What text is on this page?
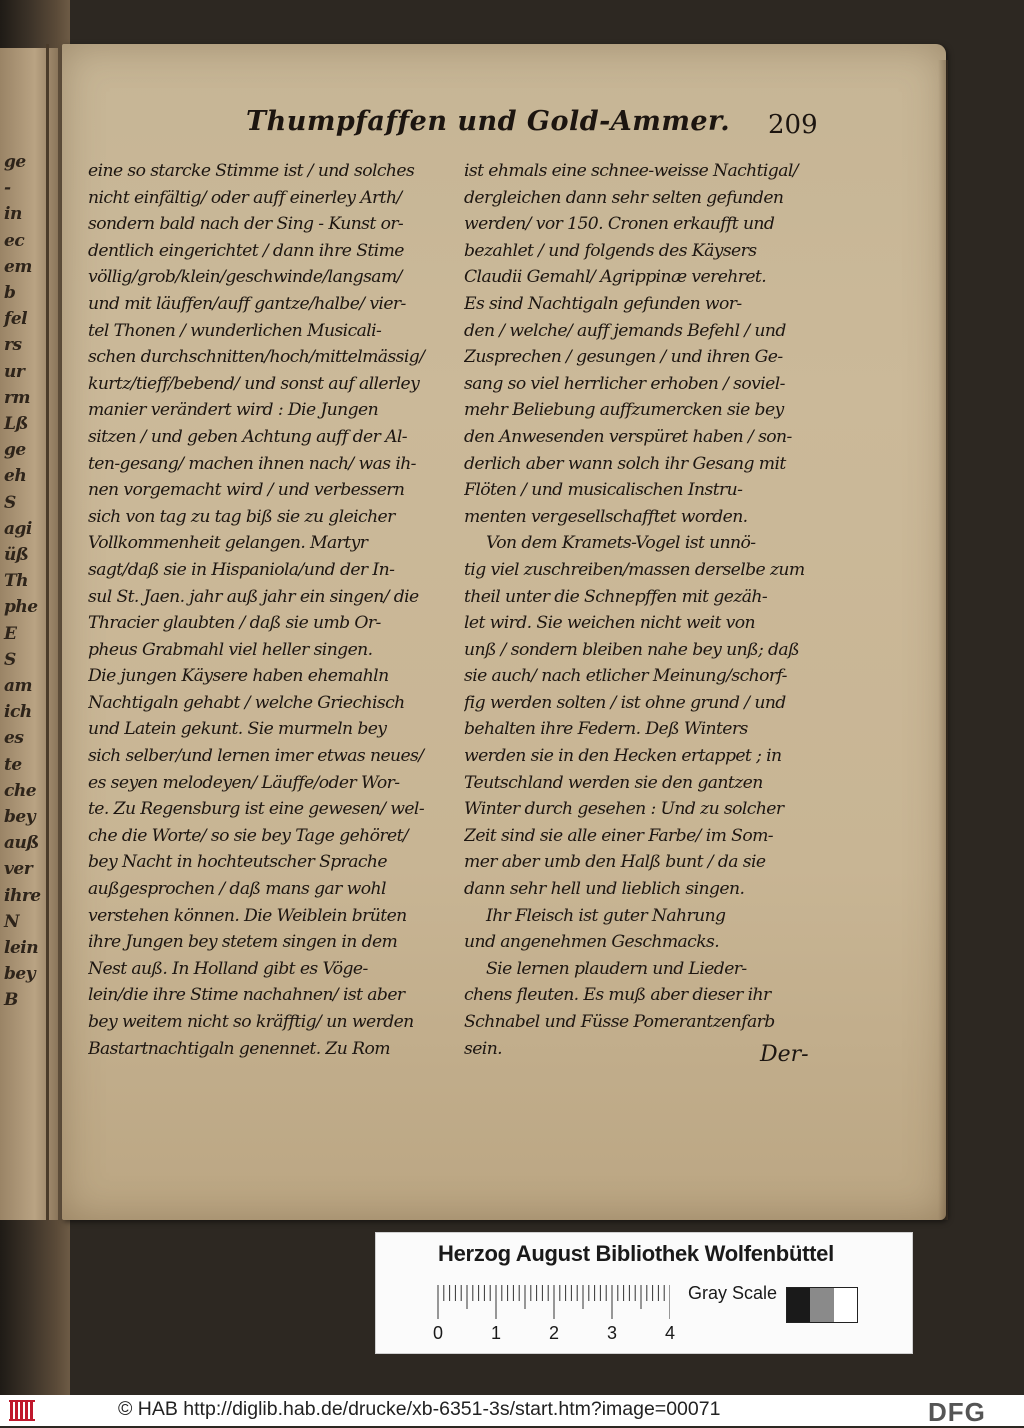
ge
-
in
ec
em
b
fel
rs
ur
rm
Lß
ge
eh
S
agi
üß
Th
phe
E
S
am
ich
es
te
che
bey
auß
ver
ihre
N
lein
bey
B
Thumpfaffen und Gold-Ammer. 209
eine so starcke Stimme ist / und solches
nicht einfältig/ oder auff einerley Arth/
sondern bald nach der Sing - Kunst or-
dentlich eingerichtet / dann ihre Stime
völlig/grob/klein/geschwinde/langsam/
und mit läuffen/auff gantze/halbe/ vier-
tel Thonen / wunderlichen Musicali-
schen durchschnitten/hoch/mittelmässig/
kurtz/tieff/bebend/ und sonst auf allerley
manier verändert wird : Die Jungen
sitzen / und geben Achtung auff der Al-
ten-gesang/ machen ihnen nach/ was ih-
nen vorgemacht wird / und verbessern
sich von tag zu tag biß sie zu gleicher
Vollkommenheit gelangen. Martyr
sagt/daß sie in Hispaniola/und der In-
sul St. Jaen. jahr auß jahr ein singen/ die
Thracier glaubten / daß sie umb Or-
pheus Grabmahl viel heller singen.
Die jungen Käysere haben ehemahln
Nachtigaln gehabt / welche Griechisch
und Latein gekunt. Sie murmeln bey
sich selber/und lernen imer etwas neues/
es seyen melodeyen/ Läuffe/oder Wor-
te. Zu Regensburg ist eine gewesen/ wel-
che die Worte/ so sie bey Tage gehöret/
bey Nacht in hochteutscher Sprache
außgesprochen / daß mans gar wohl
verstehen können. Die Weiblein brüten
ihre Jungen bey stetem singen in dem
Nest auß. In Holland gibt es Vöge-
lein/die ihre Stime nachahnen/ ist aber
bey weitem nicht so kräfftig/ un werden
Bastartnachtigaln genennet. Zu Rom
ist ehmals eine schnee-weisse Nachtigal/
dergleichen dann sehr selten gefunden
werden/ vor 150. Cronen erkaufft und
bezahlet / und folgends des Käysers
Claudii Gemahl/ Agrippinæ verehret.
Es sind Nachtigaln gefunden wor-
den / welche/ auff jemands Befehl / und
Zusprechen / gesungen / und ihren Ge-
sang so viel herrlicher erhoben / soviel-
mehr Beliebung auffzumercken sie bey
den Anwesenden verspüret haben / son-
derlich aber wann solch ihr Gesang mit
Flöten / und musicalischen Instru-
menten vergesellschafftet worden.
Von dem Kramets-Vogel ist unnö-
tig viel zuschreiben/massen derselbe zum
theil unter die Schnepffen mit gezäh-
let wird. Sie weichen nicht weit von
unß / sondern bleiben nahe bey unß; daß
sie auch/ nach etlicher Meinung/schorf-
fig werden solten / ist ohne grund / und
behalten ihre Federn. Deß Winters
werden sie in den Hecken ertappet ; in
Teutschland werden sie den gantzen
Winter durch gesehen : Und zu solcher
Zeit sind sie alle einer Farbe/ im Som-
mer aber umb den Halß bunt / da sie
dann sehr hell und lieblich singen.
Ihr Fleisch ist guter Nahrung
und angenehmen Geschmacks.
Sie lernen plaudern und Lieder-
chens fleuten. Es muß aber dieser ihr
Schnabel und Füsse Pomerantzenfarb
sein.	Der-
Herzog August Bibliothek Wolfenbüttel
0	1	2	3	4
Gray Scale
© HAB http://diglib.hab.de/drucke/xb-6351-3s/start.htm?image=00071	DFG
